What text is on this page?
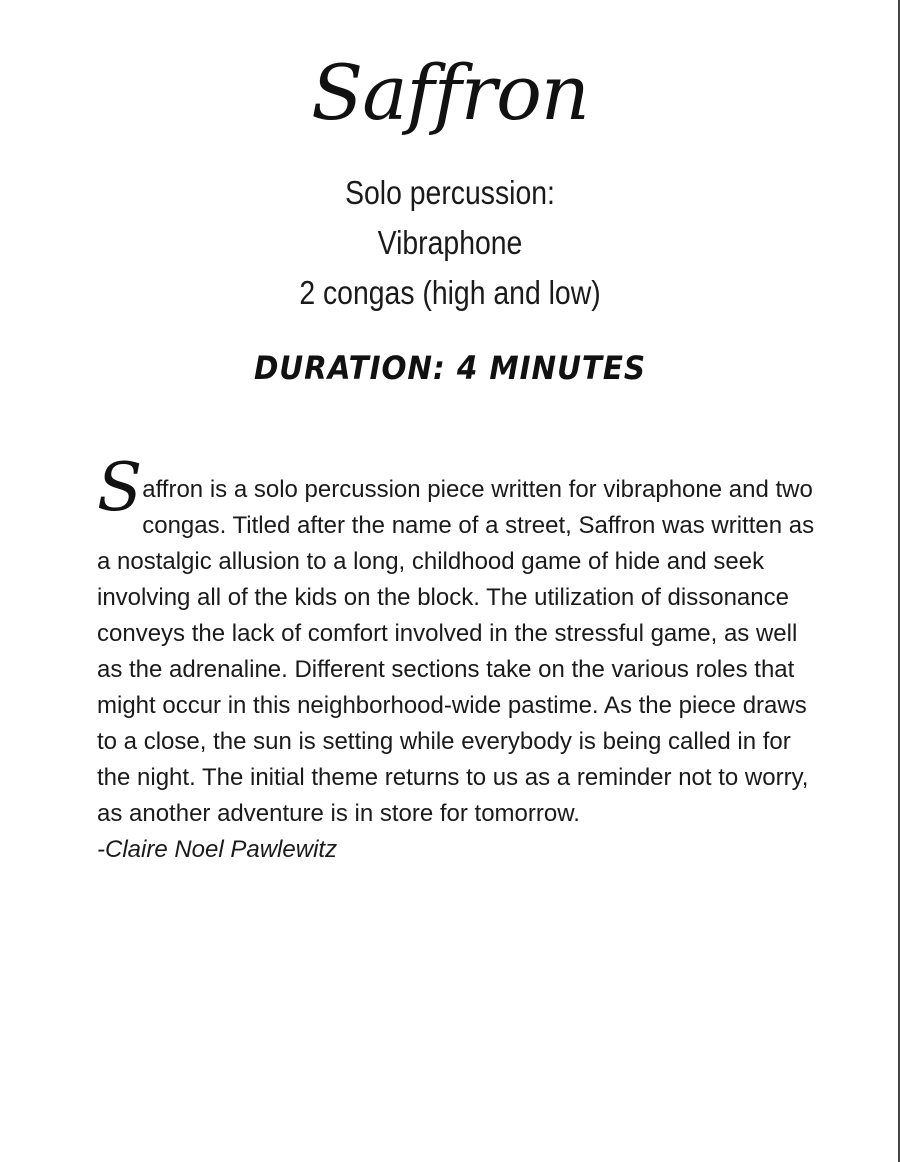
Saffron
Solo percussion:
Vibraphone
2 congas (high and low)
DURATION: 4 MINUTES

Saffron is a solo percussion piece written for vibraphone and two congas. Titled after the name of a street, Saffron was written as a nostalgic allusion to a long, childhood game of hide and seek involving all of the kids on the block. The utilization of dissonance conveys the lack of comfort involved in the stressful game, as well as the adrenaline. Different sections take on the various roles that might occur in this neighborhood-wide pastime. As the piece draws to a close, the sun is setting while everybody is being called in for the night. The initial theme returns to us as a reminder not to worry, as another adventure is in store for tomorrow.
-Claire Noel Pawlewitz
